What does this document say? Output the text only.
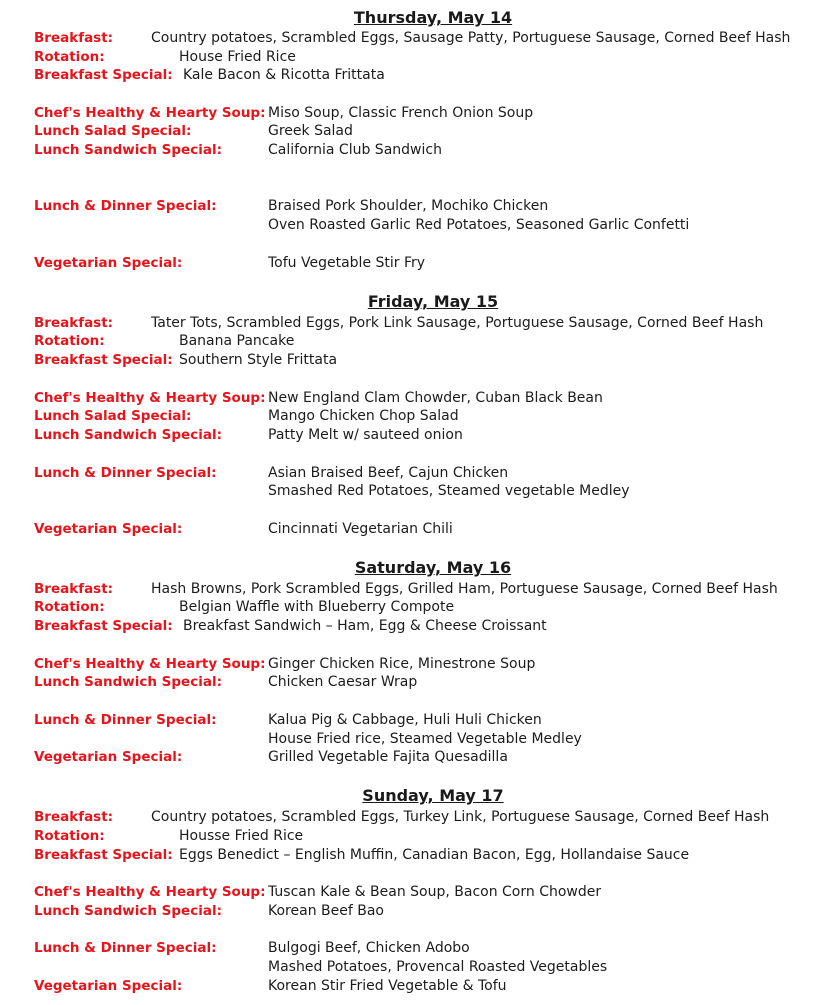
Thursday, May 14
Breakfast:	Country potatoes, Scrambled Eggs, Sausage Patty, Portuguese Sausage, Corned Beef Hash
Rotation:	House Fried Rice
Breakfast Special: Kale Bacon & Ricotta Frittata
Chef's Healthy & Hearty Soup: Miso Soup, Classic French Onion Soup
Lunch Salad Special:	Greek Salad
Lunch Sandwich Special:	California Club Sandwich
Lunch & Dinner Special:	Braised Pork Shoulder, Mochiko Chicken
Oven Roasted Garlic Red Potatoes, Seasoned Garlic Confetti
Vegetarian Special:	Tofu Vegetable Stir Fry
Friday, May 15
Breakfast:	Tater Tots, Scrambled Eggs, Pork Link Sausage, Portuguese Sausage, Corned Beef Hash
Rotation:	Banana Pancake
Breakfast Special: Southern Style Frittata
Chef's Healthy & Hearty Soup: New England Clam Chowder, Cuban Black Bean
Lunch Salad Special:	Mango Chicken Chop Salad
Lunch Sandwich Special:	Patty Melt w/ sauteed onion
Lunch & Dinner Special:	Asian Braised Beef, Cajun Chicken
Smashed Red Potatoes, Steamed vegetable Medley
Vegetarian Special:	Cincinnati Vegetarian Chili
Saturday, May 16
Breakfast:	Hash Browns, Pork Scrambled Eggs, Grilled Ham, Portuguese Sausage, Corned Beef Hash
Rotation:	Belgian Waffle with Blueberry Compote
Breakfast Special: Breakfast Sandwich – Ham, Egg & Cheese Croissant
Chef's Healthy & Hearty Soup: Ginger Chicken Rice, Minestrone Soup
Lunch Sandwich Special:	Chicken Caesar Wrap
Lunch & Dinner Special:	Kalua Pig & Cabbage, Huli Huli Chicken
House Fried rice, Steamed Vegetable Medley
Vegetarian Special:	Grilled Vegetable Fajita Quesadilla
Sunday, May 17
Breakfast:	Country potatoes, Scrambled Eggs, Turkey Link, Portuguese Sausage, Corned Beef Hash
Rotation:	Housse Fried Rice
Breakfast Special: Eggs Benedict – English Muffin, Canadian Bacon, Egg, Hollandaise Sauce
Chef's Healthy & Hearty Soup: Tuscan Kale & Bean Soup, Bacon Corn Chowder
Lunch Sandwich Special:	Korean Beef Bao
Lunch & Dinner Special:	Bulgogi Beef, Chicken Adobo
Mashed Potatoes, Provencal Roasted Vegetables
Vegetarian Special:	Korean Stir Fried Vegetable & Tofu
